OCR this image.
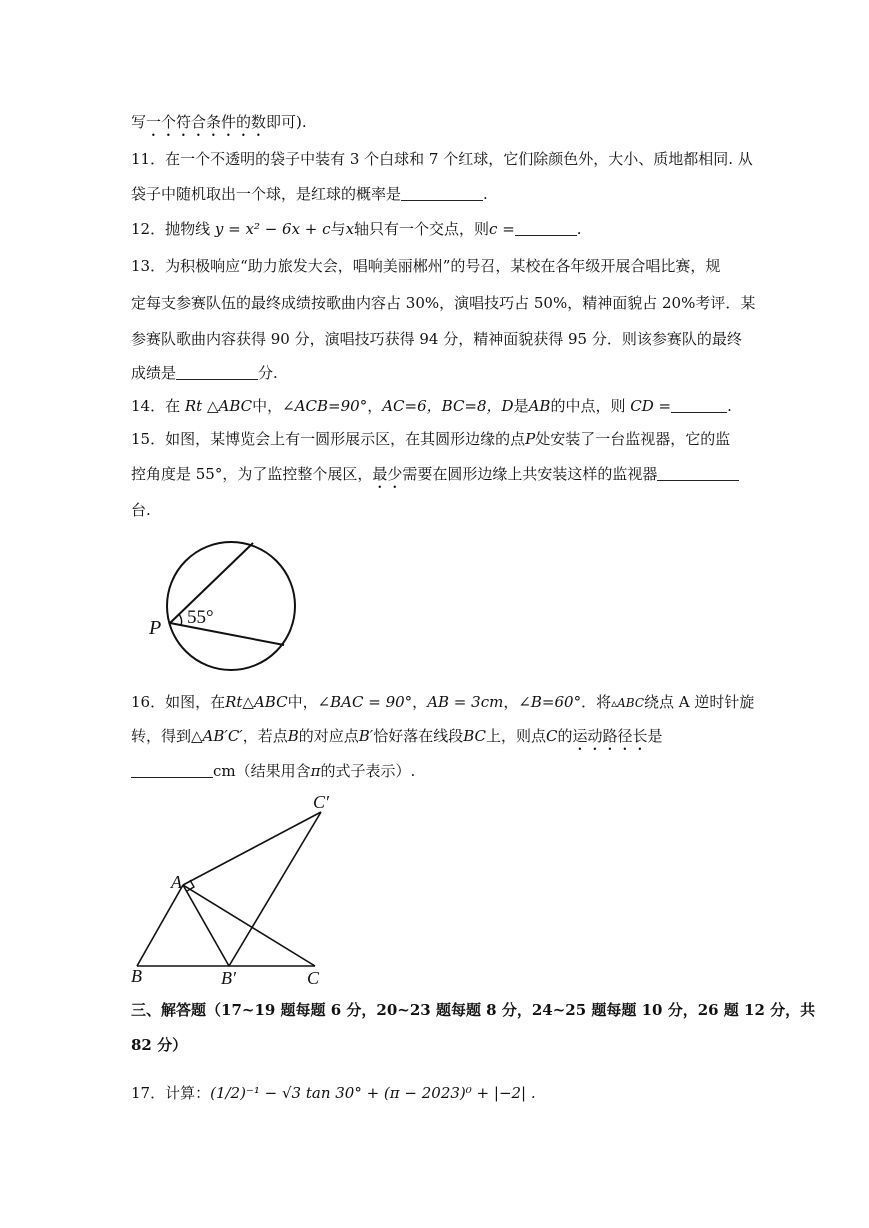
写一个符合条件的数即可).
11．在一个不透明的袋子中装有 3 个白球和 7 个红球，它们除颜色外，大小、质地都相同. 从
袋子中随机取出一个球，是红球的概率是	.
12．抛物线 y = x² − 6x + c与x轴只有一个交点，则c =	.
13．为积极响应“助力旅发大会，唱响美丽郴州”的号召，某校在各年级开展合唱比赛，规
定每支参赛队伍的最终成绩按歌曲内容占 30%，演唱技巧占 50%，精神面貌占 20%考评．某
参赛队歌曲内容获得 90 分，演唱技巧获得 94 分，精神面貌获得 95 分．则该参赛队的最终
成绩是	分.
14．在 Rt △ABC中，∠ACB=90°，AC=6，BC=8，D是AB的中点，则 CD =	.
15．如图，某博览会上有一圆形展示区，在其圆形边缘的点P处安装了一台监视器，它的监
控角度是 55°，为了监控整个展区，最少需要在圆形边缘上共安装这样的监视器
台.
55°
P
16．如图，在Rt△ABC中，∠BAC = 90°，AB = 3cm，∠B=60°．将▵ABC绕点 A 逆时针旋
转，得到△AB′C′，若点B的对应点B′恰好落在线段BC上，则点C的运动路径长是
cm（结果用含π的式子表示）.
A
B	B′	C
C′
三、解答题（17~19 题每题 6 分，20~23 题每题 8 分，24~25 题每题 10 分，26 题 12 分，共
82 分）
17．计算：(1/2)⁻¹ − √3 tan 30° + (π − 2023)⁰ + |−2| .
